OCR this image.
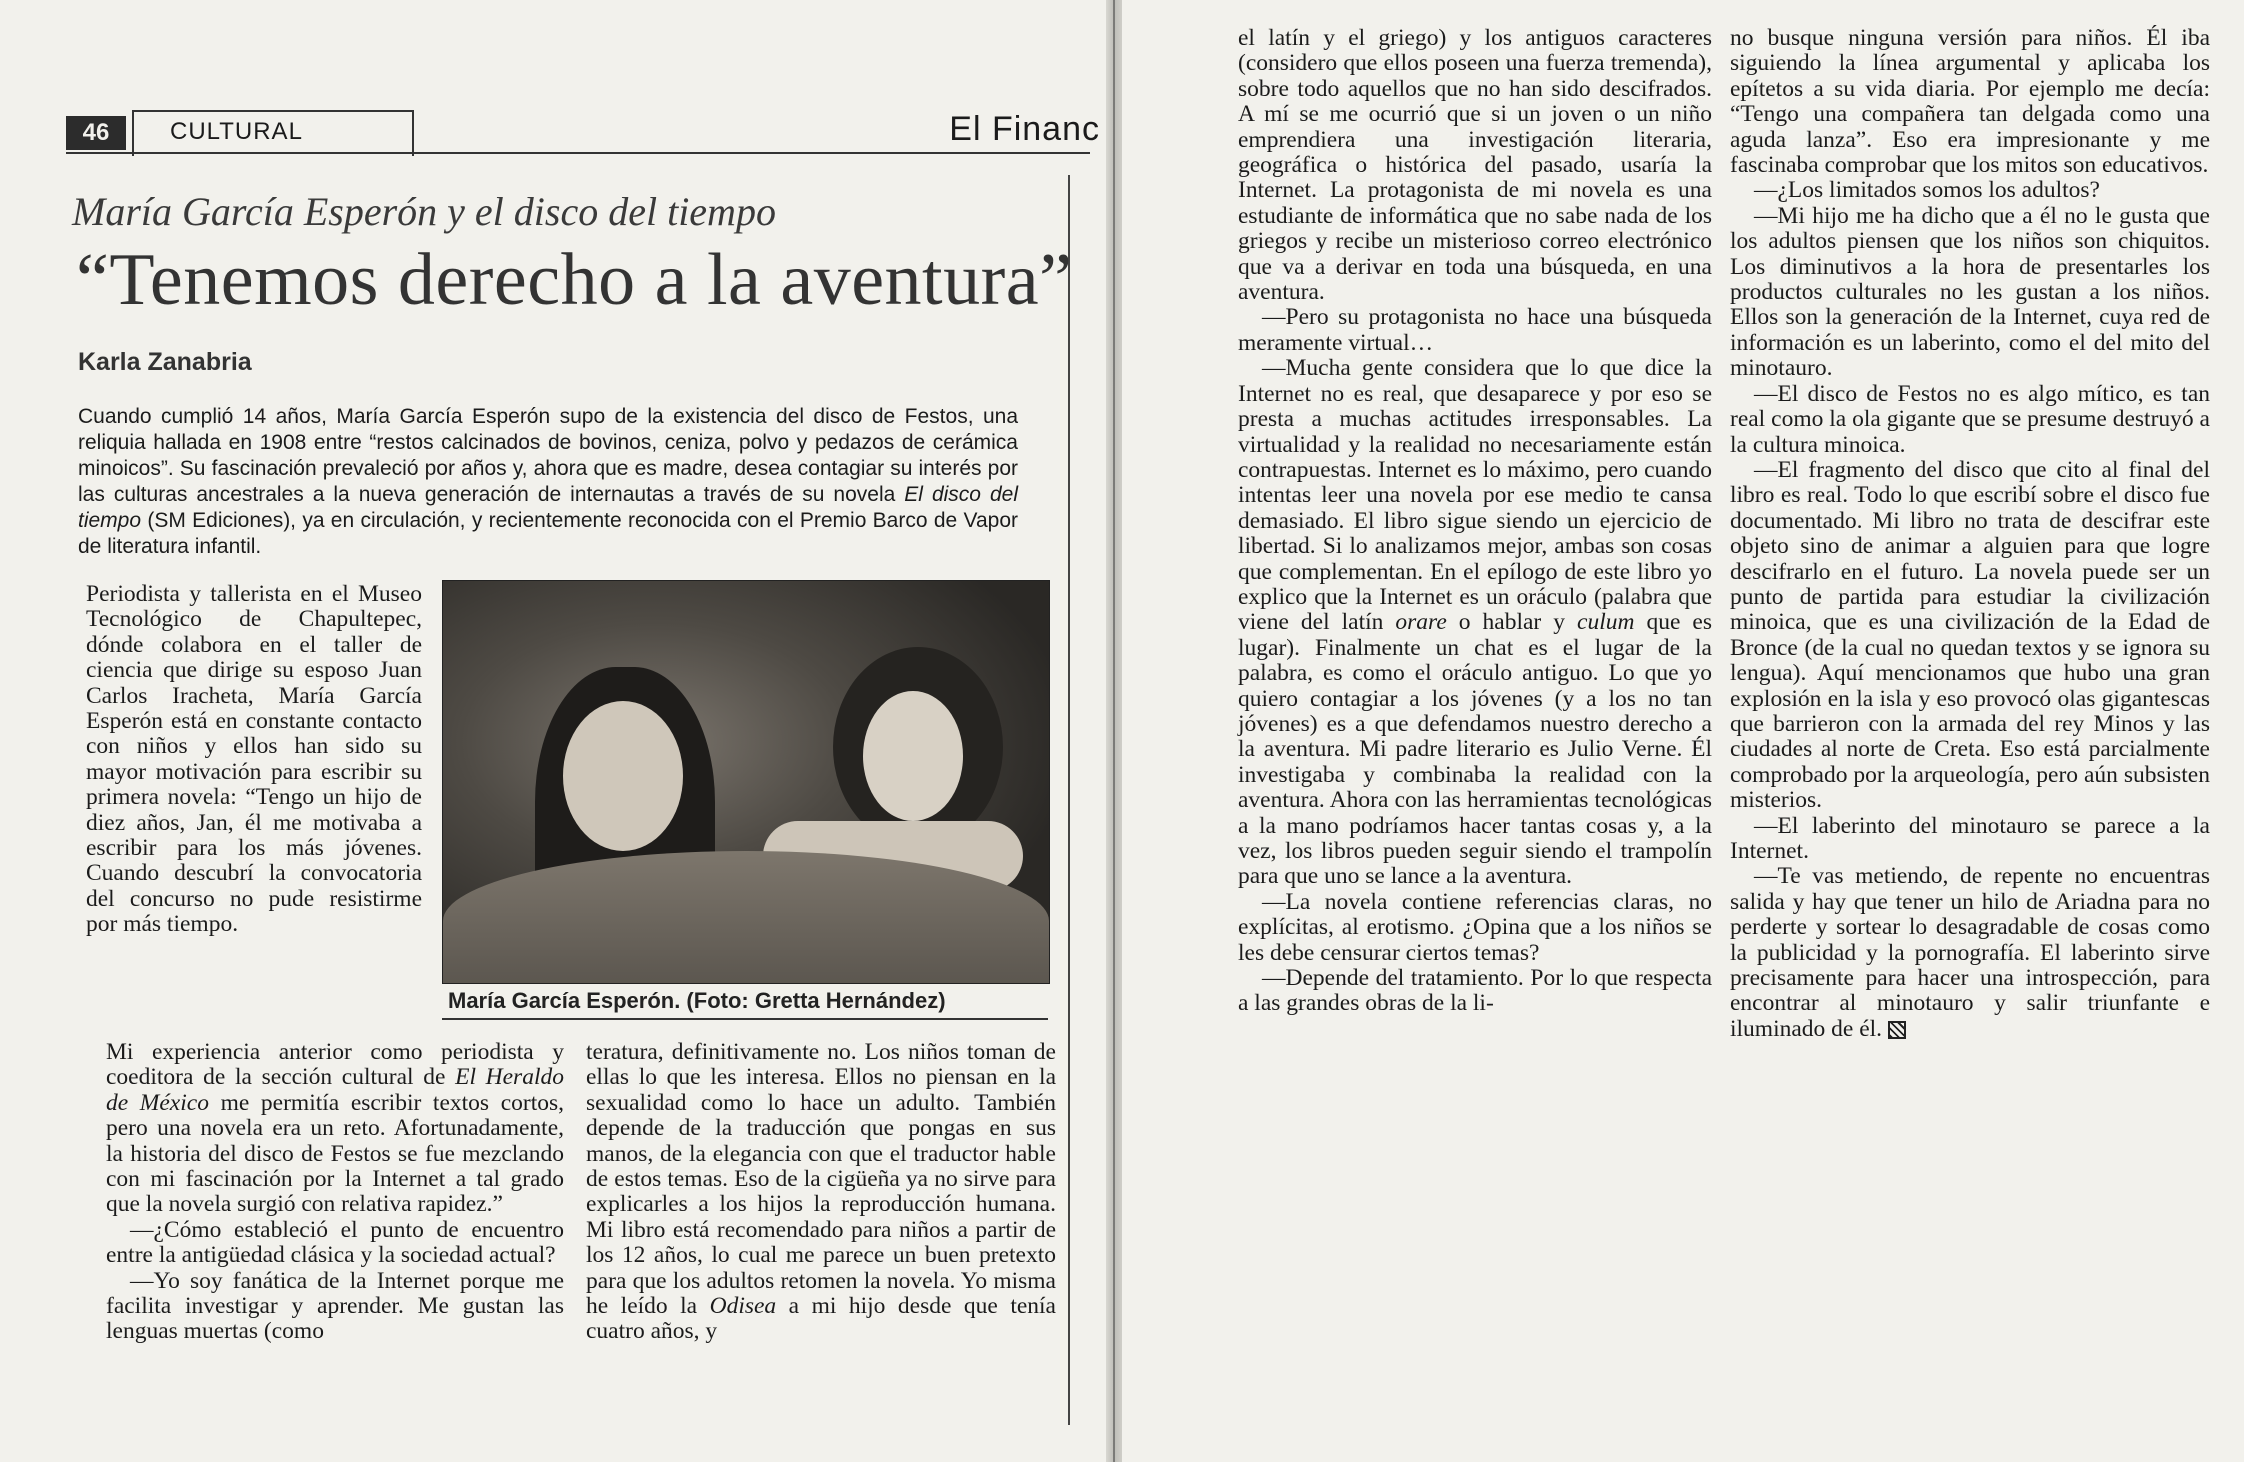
46	CULTURAL	El Financ
María García Esperón y el disco del tiempo
“Tenemos derecho a la aventura”
Karla Zanabria
Cuando cumplió 14 años, María García Esperón supo de la existencia del disco de Festos, una reliquia hallada en 1908 entre “restos calcinados de bovinos, ceniza, polvo y pedazos de cerámica minoicos”. Su fascinación prevaleció por años y, ahora que es madre, desea contagiar su interés por las culturas ancestrales a la nueva generación de internautas a través de su novela El disco del tiempo (SM Ediciones), ya en circulación, y recientemente reconocida con el Premio Barco de Vapor de literatura infantil.

Periodista y tallerista en el Museo Tecnológico de Chapultepec, dónde colabora en el taller de ciencia que dirige su esposo Juan Carlos Iracheta, María García Esperón está en constante contacto con niños y ellos han sido su mayor motivación para escribir su primera novela: “Tengo un hijo de diez años, Jan, él me motivaba a escribir para los más jóvenes. Cuando descubrí la convocatoria del concurso no pude resistirme por más tiempo.

María García Esperón. (Foto: Gretta Hernández)

Mi experiencia anterior como periodista y coeditora de la sección cultural de El Heraldo de México me permitía escribir textos cortos, pero una novela era un reto. Afortunadamente, la historia del disco de Festos se fue mezclando con mi fascinación por la Internet a tal grado que la novela surgió con relativa rapidez.”

—¿Cómo estableció el punto de encuentro entre la antigüedad clásica y la sociedad actual?

—Yo soy fanática de la Internet porque me facilita investigar y aprender. Me gustan las lenguas muertas (como

teratura, definitivamente no. Los niños toman de ellas lo que les interesa. Ellos no piensan en la sexualidad como lo hace un adulto. También depende de la traducción que pongas en sus manos, de la elegancia con que el traductor hable de estos temas. Eso de la cigüeña ya no sirve para explicarles a los hijos la reproducción humana. Mi libro está recomendado para niños a partir de los 12 años, lo cual me parece un buen pretexto para que los adultos retomen la novela. Yo misma he leído la Odisea a mi hijo desde que tenía cuatro años, y

el latín y el griego) y los antiguos caracteres (considero que ellos poseen una fuerza tremenda), sobre todo aquellos que no han sido descifrados. A mí se me ocurrió que si un joven o un niño emprendiera una investigación literaria, geográfica o histórica del pasado, usaría la Internet. La protagonista de mi novela es una estudiante de informática que no sabe nada de los griegos y recibe un misterioso correo electrónico que va a derivar en toda una búsqueda, en una aventura.

—Pero su protagonista no hace una búsqueda meramente virtual…

—Mucha gente considera que lo que dice la Internet no es real, que desaparece y por eso se presta a muchas actitudes irresponsables. La virtualidad y la realidad no necesariamente están contrapuestas. Internet es lo máximo, pero cuando intentas leer una novela por ese medio te cansa demasiado. El libro sigue siendo un ejercicio de libertad. Si lo analizamos mejor, ambas son cosas que complementan. En el epílogo de este libro yo explico que la Internet es un oráculo (palabra que viene del latín orare o hablar y culum que es lugar). Finalmente un chat es el lugar de la palabra, es como el oráculo antiguo. Lo que yo quiero contagiar a los jóvenes (y a los no tan jóvenes) es a que defendamos nuestro derecho a la aventura. Mi padre literario es Julio Verne. Él investigaba y combinaba la realidad con la aventura. Ahora con las herramientas tecnológicas a la mano podríamos hacer tantas cosas y, a la vez, los libros pueden seguir siendo el trampolín para que uno se lance a la aventura.

—La novela contiene referencias claras, no explícitas, al erotismo. ¿Opina que a los niños se les debe censurar ciertos temas?

—Depende del tratamiento. Por lo que respecta a las grandes obras de la li-

no busque ninguna versión para niños. Él iba siguiendo la línea argumental y aplicaba los epítetos a su vida diaria. Por ejemplo me decía: “Tengo una compañera tan delgada como una aguda lanza”. Eso era impresionante y me fascinaba comprobar que los mitos son educativos.

—¿Los limitados somos los adultos?

—Mi hijo me ha dicho que a él no le gusta que los adultos piensen que los niños son chiquitos. Los diminutivos a la hora de presentarles los productos culturales no les gustan a los niños. Ellos son la generación de la Internet, cuya red de información es un laberinto, como el del mito del minotauro.

—El disco de Festos no es algo mítico, es tan real como la ola gigante que se presume destruyó a la cultura minoica.

—El fragmento del disco que cito al final del libro es real. Todo lo que escribí sobre el disco fue documentado. Mi libro no trata de descifrar este objeto sino de animar a alguien para que logre descifrarlo en el futuro. La novela puede ser un punto de partida para estudiar la civilización minoica, que es una civilización de la Edad de Bronce (de la cual no quedan textos y se ignora su lengua). Aquí mencionamos que hubo una gran explosión en la isla y eso provocó olas gigantescas que barrieron con la armada del rey Minos y las ciudades al norte de Creta. Eso está parcialmente comprobado por la arqueología, pero aún subsisten misterios.

—El laberinto del minotauro se parece a la Internet.

—Te vas metiendo, de repente no encuentras salida y hay que tener un hilo de Ariadna para no perderte y sortear lo desagradable de cosas como la publicidad y la pornografía. El laberinto sirve precisamente para hacer una introspección, para encontrar al minotauro y salir triunfante e iluminado de él.
